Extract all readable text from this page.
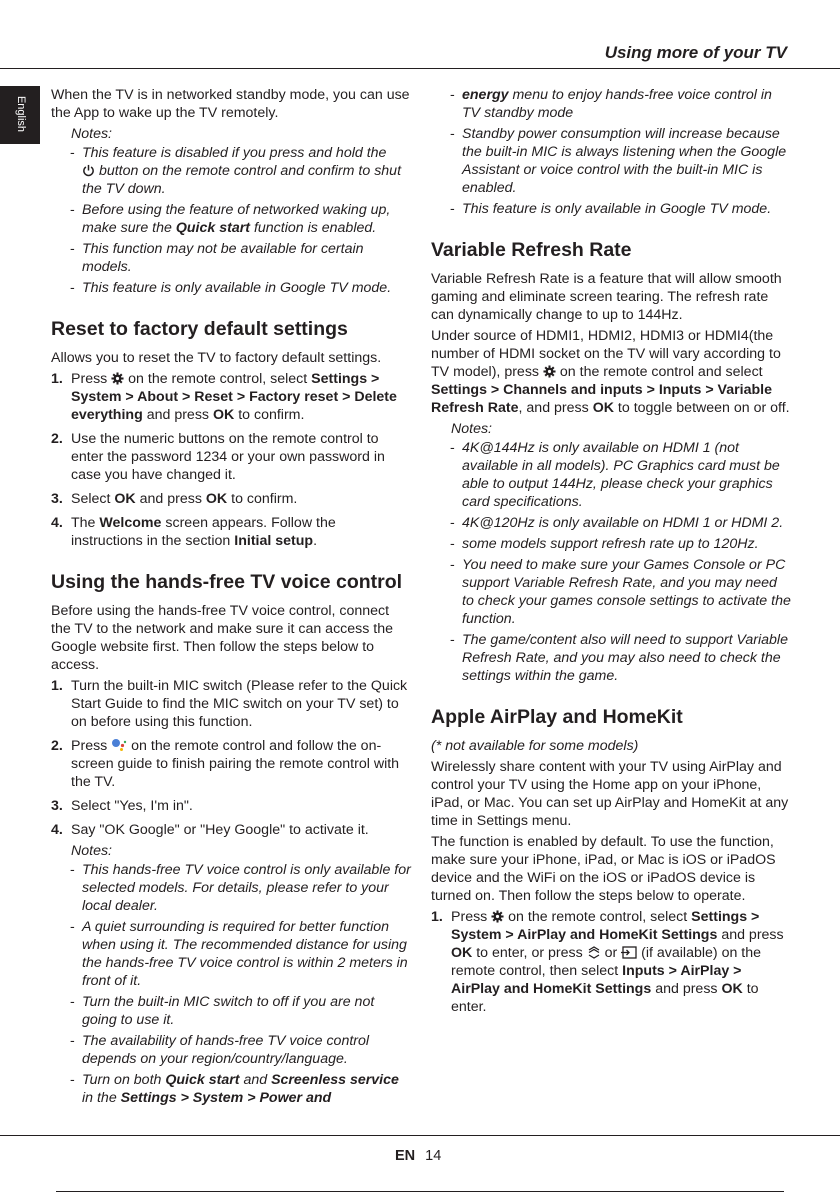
Using more of your TV
English

When the TV is in networked standby mode, you can use the App to wake up the TV remotely.

Notes:
- This feature is disabled if you press and hold the
button on the remote control and confirm to shut the TV down.
- Before using the feature of networked waking up, make sure the Quick start function is enabled.
- This function may not be available for certain models.
- This feature is only available in Google TV mode.
Reset to factory default settings

Allows you to reset the TV to factory default settings.

1. Press on the remote control, select Settings > System > About > Reset > Factory reset > Delete everything and press OK to confirm.
2. Use the numeric buttons on the remote control to enter the password 1234 or your own password in case you have changed it.
3. Select OK and press OK to confirm.
4. The Welcome screen appears. Follow the instructions in the section Initial setup.
Using the hands-free TV voice control

Before using the hands-free TV voice control, connect the TV to the network and make sure it can access the Google website first. Then follow the steps below to access.

1. Turn the built-in MIC switch (Please refer to the Quick Start Guide to find the MIC switch on your TV set) to on before using this function.
2. Press on the remote control and follow the on-screen guide to finish pairing the remote control with the TV.
3. Select "Yes, I'm in".
4. Say "OK Google" or "Hey Google" to activate it.
Notes:
- This hands-free TV voice control is only available for selected models. For details, please refer to your local dealer.
- A quiet surrounding is required for better function when using it. The recommended distance for using the hands-free TV voice control is within 2 meters in front of it.
- Turn the built-in MIC switch to off if you are not going to use it.
- The availability of hands-free TV voice control depends on your region/country/language.
- Turn on both Quick start and Screenless service in the Settings > System > Power and
- energy menu to enjoy hands-free voice control in TV standby mode
- Standby power consumption will increase because the built-in MIC is always listening when the Google Assistant or voice control with the built-in MIC is enabled.
- This feature is only available in Google TV mode.
Variable Refresh Rate

Variable Refresh Rate is a feature that will allow smooth gaming and eliminate screen tearing. The refresh rate can dynamically change to up to 144Hz.

Under source of HDMI1, HDMI2, HDMI3 or HDMI4(the number of HDMI socket on the TV will vary according to TV model), press on the remote control and select Settings > Channels and inputs > Inputs > Variable Refresh Rate, and press OK to toggle between on or off.

Notes:
- 4K@144Hz is only available on HDMI 1 (not available in all models). PC Graphics card must be able to output 144Hz, please check your graphics card specifications.
- 4K@120Hz is only available on HDMI 1 or HDMI 2.
- some models support refresh rate up to 120Hz.
- You need to make sure your Games Console or PC support Variable Refresh Rate, and you may need to check your games console settings to activate the function.
- The game/content also will need to support Variable Refresh Rate, and you may also need to check the settings within the game.
Apple AirPlay and HomeKit

(* not available for some models)

Wirelessly share content with your TV using AirPlay and control your TV using the Home app on your iPhone, iPad, or Mac. You can set up AirPlay and HomeKit at any time in Settings menu.

The function is enabled by default. To use the function, make sure your iPhone, iPad, or Mac is iOS or iPadOS device and the WiFi on the iOS or iPadOS device is turned on. Then follow the steps below to operate.

1. Press on the remote control, select Settings > System > AirPlay and HomeKit Settings and press OK to enter, or press or (if available) on the remote control, then select Inputs > AirPlay > AirPlay and HomeKit Settings and press OK to enter.
EN 14
